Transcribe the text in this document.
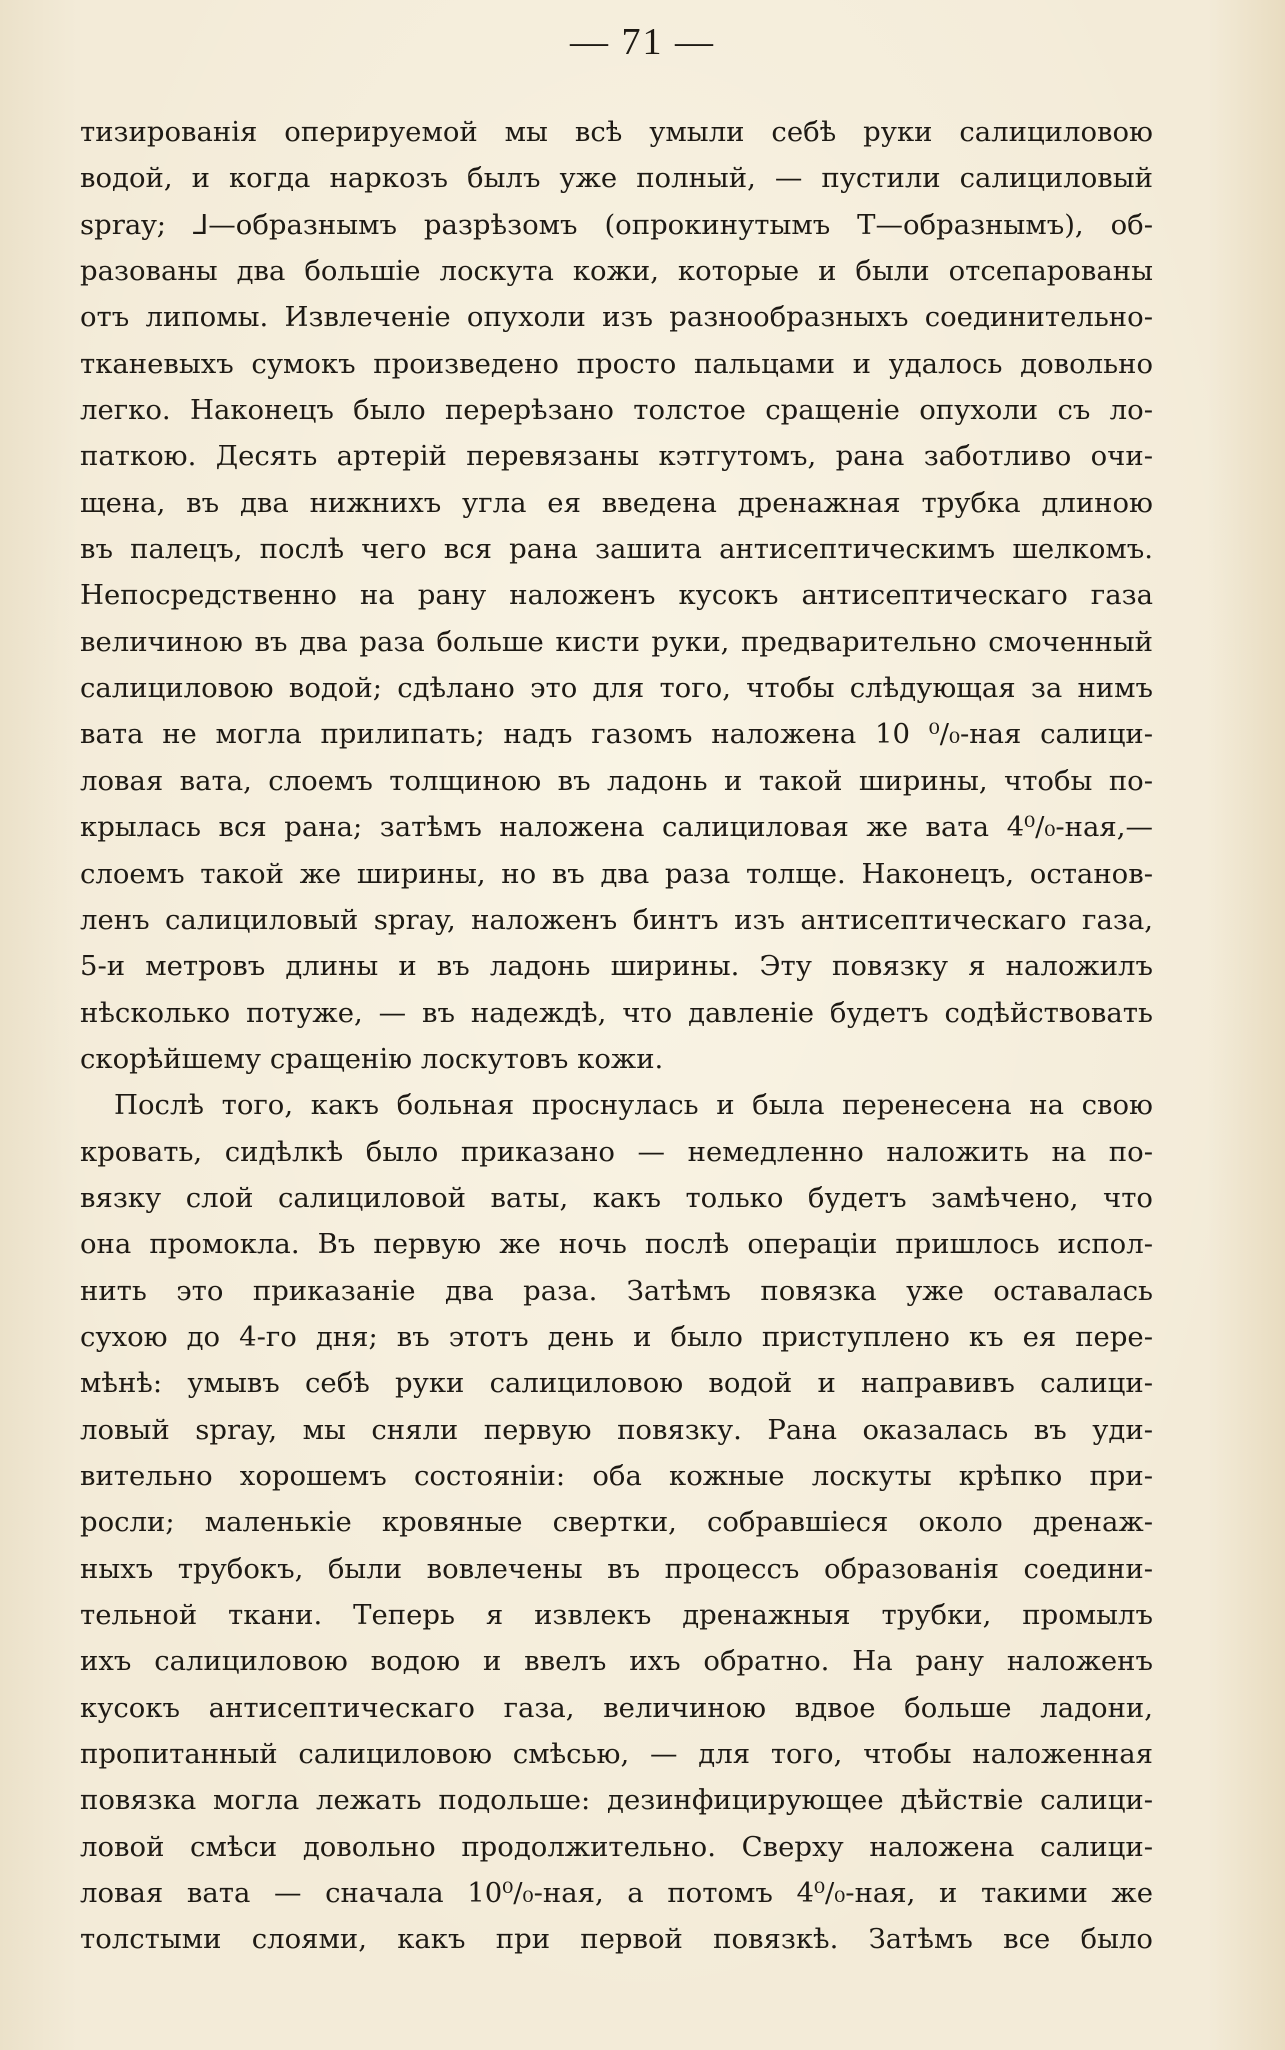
— 71 —
тизированія оперируемой мы всѣ умыли себѣ руки салициловою
водой, и когда наркозъ былъ уже полный, — пустили салициловый
spray; ⅃—образнымъ разрѣзомъ (опрокинутымъ Т—образнымъ), об-
разованы два большіе лоскута кожи, которые и были отсепарованы
отъ липомы. Извлеченіе опухоли изъ разнообразныхъ соединительно-
тканевыхъ сумокъ произведено просто пальцами и удалось довольно
легко. Наконецъ было перерѣзано толстое сращеніе опухоли съ ло-
паткою. Десять артерій перевязаны кэтгутомъ, рана заботливо очи-
щена, въ два нижнихъ угла ея введена дренажная трубка длиною
въ палецъ, послѣ чего вся рана зашита антисептическимъ шелкомъ.
Непосредственно на рану наложенъ кусокъ антисептическаго газа
величиною въ два раза больше кисти руки, предварительно смоченный
салициловою водой; сдѣлано это для того, чтобы слѣдующая за нимъ
вата не могла прилипать; надъ газомъ наложена 10 ⁰/₀-ная салици-
ловая вата, слоемъ толщиною въ ладонь и такой ширины, чтобы по-
крылась вся рана; затѣмъ наложена салициловая же вата 4⁰/₀-ная,—
слоемъ такой же ширины, но въ два раза толще. Наконецъ, останов-
ленъ салициловый spray, наложенъ бинтъ изъ антисептическаго газа,
5-и метровъ длины и въ ладонь ширины. Эту повязку я наложилъ
нѣсколько потуже, — въ надеждѣ, что давленіе будетъ содѣйствовать
скорѣйшему сращенію лоскутовъ кожи.
Послѣ того, какъ больная проснулась и была перенесена на свою
кровать, сидѣлкѣ было приказано — немедленно наложить на по-
вязку слой салициловой ваты, какъ только будетъ замѣчено, что
она промокла. Въ первую же ночь послѣ операціи пришлось испол-
нить это приказаніе два раза. Затѣмъ повязка уже оставалась
сухою до 4-го дня; въ этотъ день и было приступлено къ ея пере-
мѣнѣ: умывъ себѣ руки салициловою водой и направивъ салици-
ловый spray, мы сняли первую повязку. Рана оказалась въ уди-
вительно хорошемъ состояніи: оба кожные лоскуты крѣпко при-
росли; маленькіе кровяные свертки, собравшіеся около дренаж-
ныхъ трубокъ, были вовлечены въ процессъ образованія соедини-
тельной ткани. Теперь я извлекъ дренажныя трубки, промылъ
ихъ салициловою водою и ввелъ ихъ обратно. На рану наложенъ
кусокъ антисептическаго газа, величиною вдвое больше ладони,
пропитанный салициловою смѣсью, — для того, чтобы наложенная
повязка могла лежать подольше: дезинфицирующее дѣйствіе салици-
ловой смѣси довольно продолжительно. Сверху наложена салици-
ловая вата — сначала 10⁰/₀-ная, а потомъ 4⁰/₀-ная, и такими же
толстыми слоями, какъ при первой повязкѣ. Затѣмъ все было
